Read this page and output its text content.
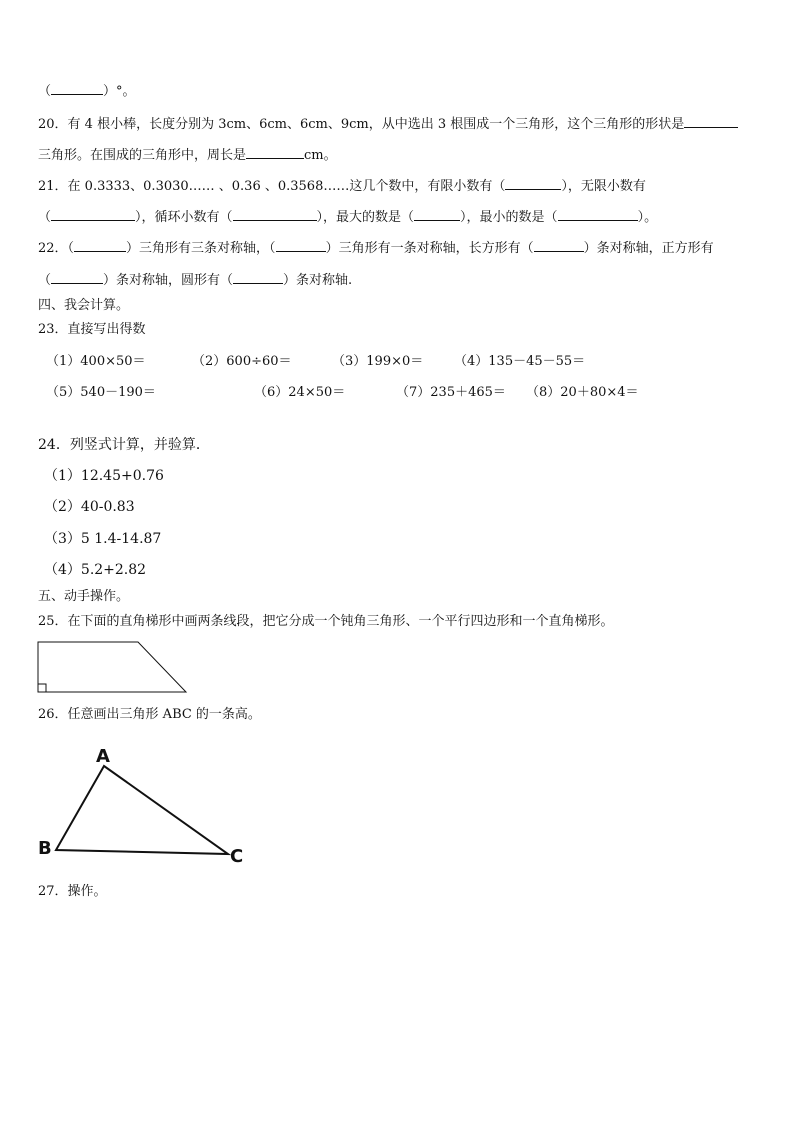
（	）°。
20．有 4 根小棒，长度分别为 3cm、6cm、6cm、9cm，从中选出 3 根围成一个三角形，这个三角形的形状是
三角形。在围成的三角形中，周长是	cm。
21．在 0.3333、0.3030…… 、0.36 、0.3568……这几个数中，有限小数有（	），无限小数有
（	），循环小数有（	），最大的数是（	），最小的数是（	）。
22．（	）三角形有三条对称轴，（	）三角形有一条对称轴，长方形有（	）条对称轴，正方形有
（	）条对称轴，圆形有（	）条对称轴.
四、我会计算。
23．直接写出得数
（1）400×50＝	（2）600÷60＝	（3）199×0＝ （4）135－45－55＝
（5）540－190＝	（6）24×50＝	（7）235＋465＝ （8）20＋80×4＝
24．列竖式计算，并验算．
（1）12.45+0.76
（2）40-0.83
（3）5 1.4-14.87
（4）5.2+2.82
五、动手操作。
25．在下面的直角梯形中画两条线段，把它分成一个钝角三角形、一个平行四边形和一个直角梯形。
26．任意画出三角形 ABC 的一条高。
A
B	C
27．操作。
